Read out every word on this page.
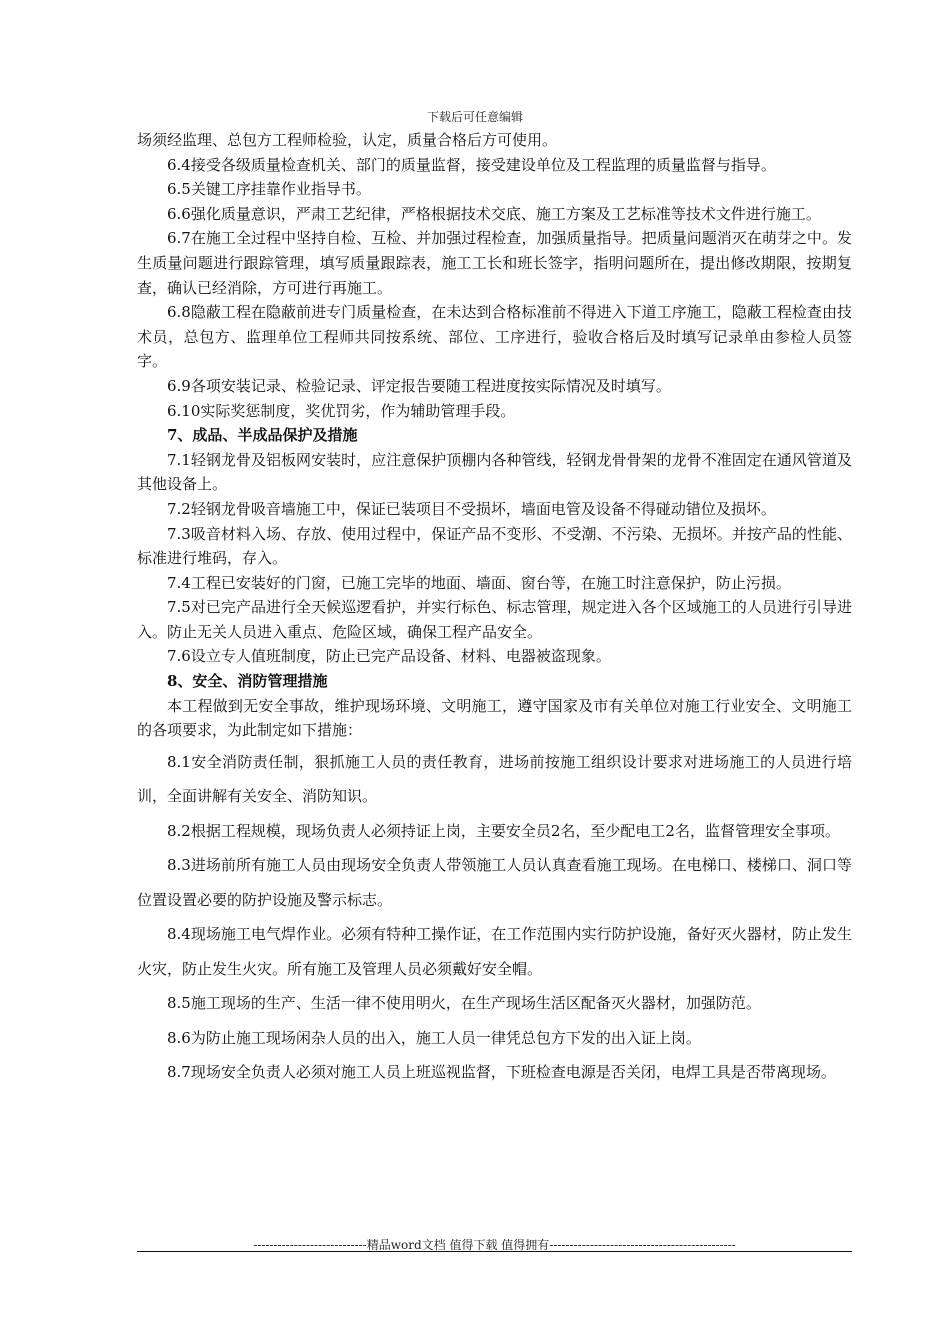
下载后可任意编辑

场须经监理、总包方工程师检验，认定，质量合格后方可使用。

6.4接受各级质量检查机关、部门的质量监督，接受建设单位及工程监理的质量监督与指导。

6.5关键工序挂靠作业指导书。

6.6强化质量意识，严肃工艺纪律，严格根据技术交底、施工方案及工艺标准等技术文件进行施工。

6.7在施工全过程中坚持自检、互检、并加强过程检查，加强质量指导。把质量问题消灭在萌芽之中。发生质量问题进行跟踪管理，填写质量跟踪表，施工工长和班长签字，指明问题所在，提出修改期限，按期复查，确认已经消除，方可进行再施工。

6.8隐蔽工程在隐蔽前进专门质量检查，在未达到合格标准前不得进入下道工序施工，隐蔽工程检查由技术员，总包方、监理单位工程师共同按系统、部位、工序进行，验收合格后及时填写记录单由参检人员签字。

6.9各项安装记录、检验记录、评定报告要随工程进度按实际情况及时填写。

6.10实际奖惩制度，奖优罚劣，作为辅助管理手段。

7、成品、半成品保护及措施

7.1轻钢龙骨及铝板网安装时，应注意保护顶棚内各种管线，轻钢龙骨骨架的龙骨不准固定在通风管道及其他设备上。

7.2轻钢龙骨吸音墙施工中，保证已装项目不受损坏，墙面电管及设备不得碰动错位及损坏。

7.3吸音材料入场、存放、使用过程中，保证产品不变形、不受潮、不污染、无损坏。并按产品的性能、标准进行堆码，存入。

7.4工程已安装好的门窗，已施工完毕的地面、墙面、窗台等，在施工时注意保护，防止污损。

7.5对已完产品进行全天候巡逻看护，并实行标色、标志管理，规定进入各个区域施工的人员进行引导进入。防止无关人员进入重点、危险区域，确保工程产品安全。

7.6设立专人值班制度，防止已完产品设备、材料、电器被盗现象。

8、安全、消防管理措施

本工程做到无安全事故，维护现场环境、文明施工，遵守国家及市有关单位对施工行业安全、文明施工的各项要求，为此制定如下措施：

8.1安全消防责任制，狠抓施工人员的责任教育，进场前按施工组织设计要求对进场施工的人员进行培训，全面讲解有关安全、消防知识。

8.2根据工程规模，现场负责人必须持证上岗，主要安全员2名，至少配电工2名，监督管理安全事项。

8.3进场前所有施工人员由现场安全负责人带领施工人员认真查看施工现场。在电梯口、楼梯口、洞口等位置设置必要的防护设施及警示标志。

8.4现场施工电气焊作业。必须有特种工操作证，在工作范围内实行防护设施，备好灭火器材，防止发生火灾，防止发生火灾。所有施工及管理人员必须戴好安全帽。

8.5施工现场的生产、生活一律不使用明火，在生产现场生活区配备灭火器材，加强防范。

8.6为防止施工现场闲杂人员的出入，施工人员一律凭总包方下发的出入证上岗。

8.7现场安全负责人必须对施工人员上班巡视监督，下班检查电源是否关闭，电焊工具是否带离现场。

----------------------------精品word文档 值得下载 值得拥有----------------------------------------------
